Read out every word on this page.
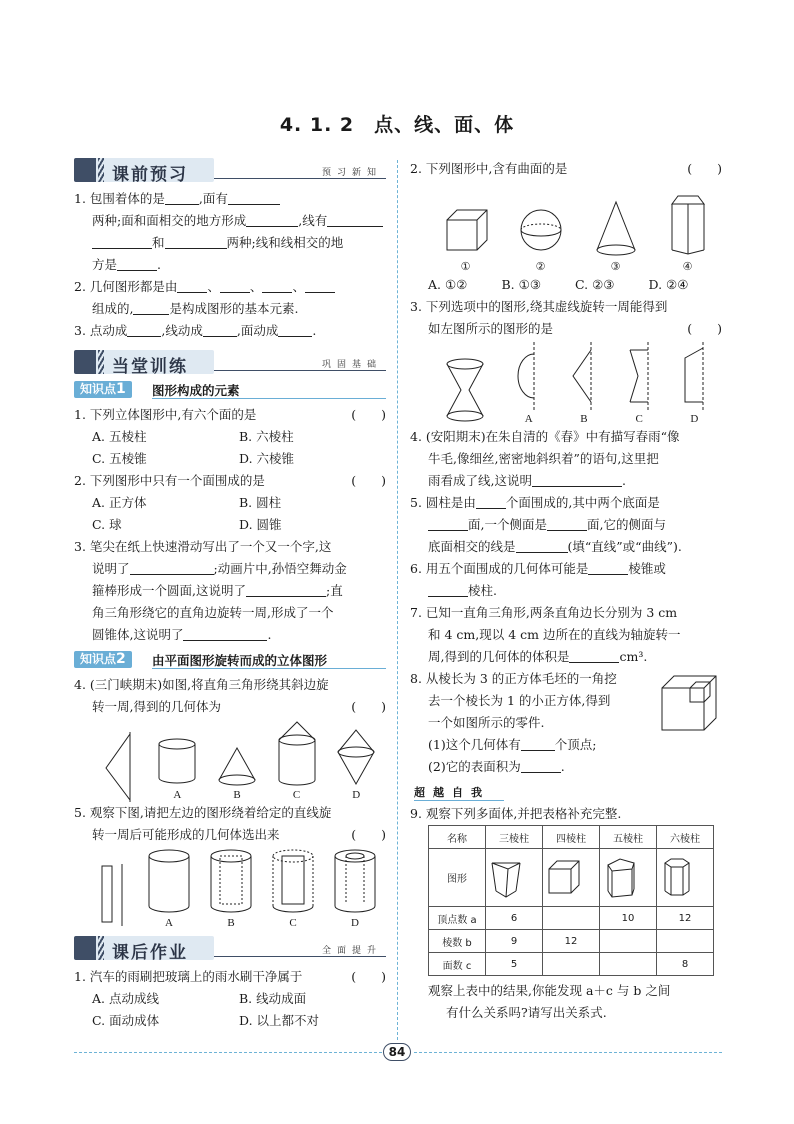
4. 1. 2　点、线、面、体
课前预习	预习新知

1. 包围着体的是	,面有
两种;面和面相交的地方形成	,线有
和	两种;线和线相交的地
方是	.

2. 几何图形都是由 、 、 、
组成的,	是构成图形的基本元素.

3. 点动成	,线动成	,面动成	.

当堂训练	巩固基础
知识点1	图形构成的元素

1. 下列立体图形中,有六个面的是	(　　)

A. 五棱柱	B. 六棱柱
C. 五棱锥	D. 六棱锥

2. 下列图形中只有一个面围成的是	(　　)

A. 正方体	B. 圆柱
C. 球	D. 圆锥

3. 笔尖在纸上快速滑动写出了一个又一个字,这
说明了	;动画片中,孙悟空舞动金
箍棒形成一个圆面,这说明了	;直
角三角形绕它的直角边旋转一周,形成了一个
圆锥体,这说明了	.

知识点2	由平面图形旋转而成的立体图形

4. (三门峡期末)如图,将直角三角形绕其斜边旋
转一周,得到的几何体为	(　　)

A	B	C	D

5. 观察下图,请把左边的图形绕着给定的直线旋
转一周后可能形成的几何体选出来	(　　)

A	B	C	D
课后作业	全面提升

1. 汽车的雨刷把玻璃上的雨水刷干净属于	(　　)

A. 点动成线	B. 线动成面
C. 面动成体	D. 以上都不对

2. 下列图形中,含有曲面的是	(　　)

①	②	③	④
A. ①②	B. ①③	C. ②③	D. ②④

3. 下列选项中的图形,绕其虚线旋转一周能得到
如左图所示的图形的是	(　　)

A	B	C	D

4. (安阳期末)在朱自清的《春》中有描写春雨“像
牛毛,像细丝,密密地斜织着”的语句,这里把
雨看成了线,这说明	.

5. 圆柱是由 个面围成的,其中两个底面是
面,一个侧面是	面,它的侧面与
底面相交的线是	(填“直线”或“曲线”).

6. 用五个面围成的几何体可能是	棱锥或
棱柱.

7. 已知一直角三角形,两条直角边长分别为 3 cm
和 4 cm,现以 4 cm 边所在的直线为轴旋转一
周,得到的几何体的体积是	cm³.

8. 从棱长为 3 的正方体毛坯的一角挖
去一个棱长为 1 的小正方体,得到
一个如图所示的零件.
(1)这个几何体有	个顶点;
(2)它的表面积为	.

超越自我

9. 观察下列多面体,并把表格补充完整.

名称	三棱柱	四棱柱	五棱柱	六棱柱
图形	

顶点数 a	6		10	12
棱数 b	9	12		
面数 c	5			8

观察上表中的结果,你能发现 a＋c 与 b 之间
有什么关系吗?请写出关系式.

84
